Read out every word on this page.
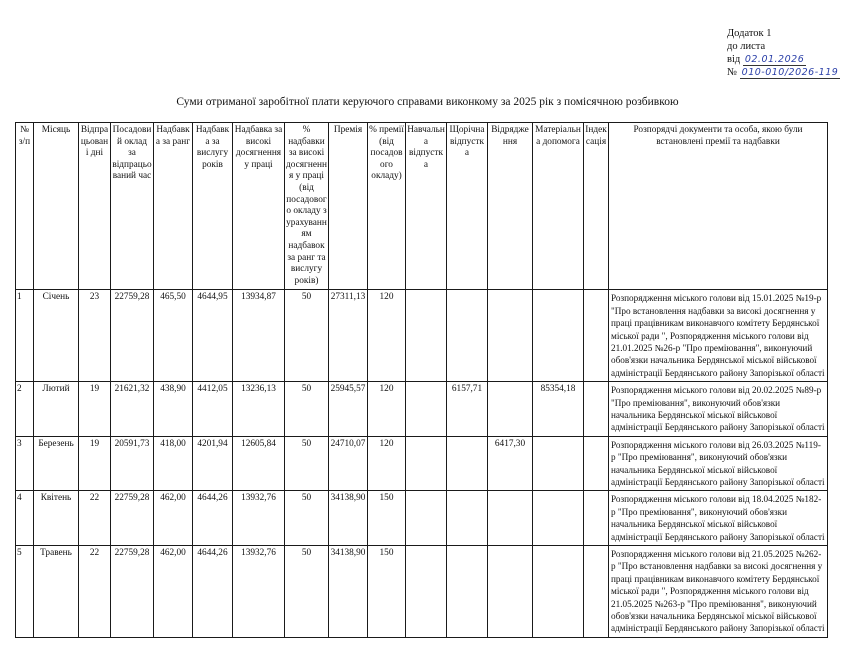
Додаток 1
до листа
від 02.01.2026
№ 010-010/2026-119
Суми отриманої заробітної плати керуючого справами виконкому за 2025 рік з помісячною розбивкою
№ з/п	Місяць	Відпрацьовані дні	Посадовий оклад за відпрацьований час	Надбавка за ранг	Надбавка за вислугу років	Надбавка за високі досягнення у праці	% надбавки за високі досягнення у праці (від посадового окладу з урахуванням надбавок за ранг та вислугу років)	Премія	% премії (від посадового окладу)	Навчальна відпустка	Щорічна відпустка	Відрядження	Матеріальна допомога	Індексація	Розпорядчі документи та особа, якою були встановлені премії та надбавки
1	Січень	23	22759,28	465,50	4644,95	13934,87	50	27311,13	120						Розпорядження міського голови від 15.01.2025 №19-р "Про встановлення надбавки за високі досягнення у праці працівникам виконавчого комітету Бердянської міської ради ", Розпорядження міського голови від 21.01.2025 №26-р "Про преміювання", виконуючий обов'язки начальника Бердянської міської військової адміністрації Бердянського району Запорізької області
2	Лютий	19	21621,32	438,90	4412,05	13236,13	50	25945,57	120		6157,71		85354,18		Розпорядження міського голови від 20.02.2025 №89-р "Про преміювання", виконуючий обов'язки начальника Бердянської міської військової адміністрації Бердянського району Запорізької області
3	Березень	19	20591,73	418,00	4201,94	12605,84	50	24710,07	120			6417,30			Розпорядження міського голови від 26.03.2025 №119-р "Про преміювання", виконуючий обов'язки начальника Бердянської міської військової адміністрації Бердянського району Запорізької області
4	Квітень	22	22759,28	462,00	4644,26	13932,76	50	34138,90	150						Розпорядження міського голови від 18.04.2025 №182-р "Про преміювання", виконуючий обов'язки начальника Бердянської міської військової адміністрації Бердянського району Запорізької області
5	Травень	22	22759,28	462,00	4644,26	13932,76	50	34138,90	150						Розпорядження міського голови від 21.05.2025 №262-р "Про встановлення надбавки за високі досягнення у праці працівникам виконавчого комітету Бердянської міської ради ", Розпорядження міського голови від 21.05.2025 №263-р "Про преміювання", виконуючий обов'язки начальника Бердянської міської військової адміністрації Бердянського району Запорізької області
